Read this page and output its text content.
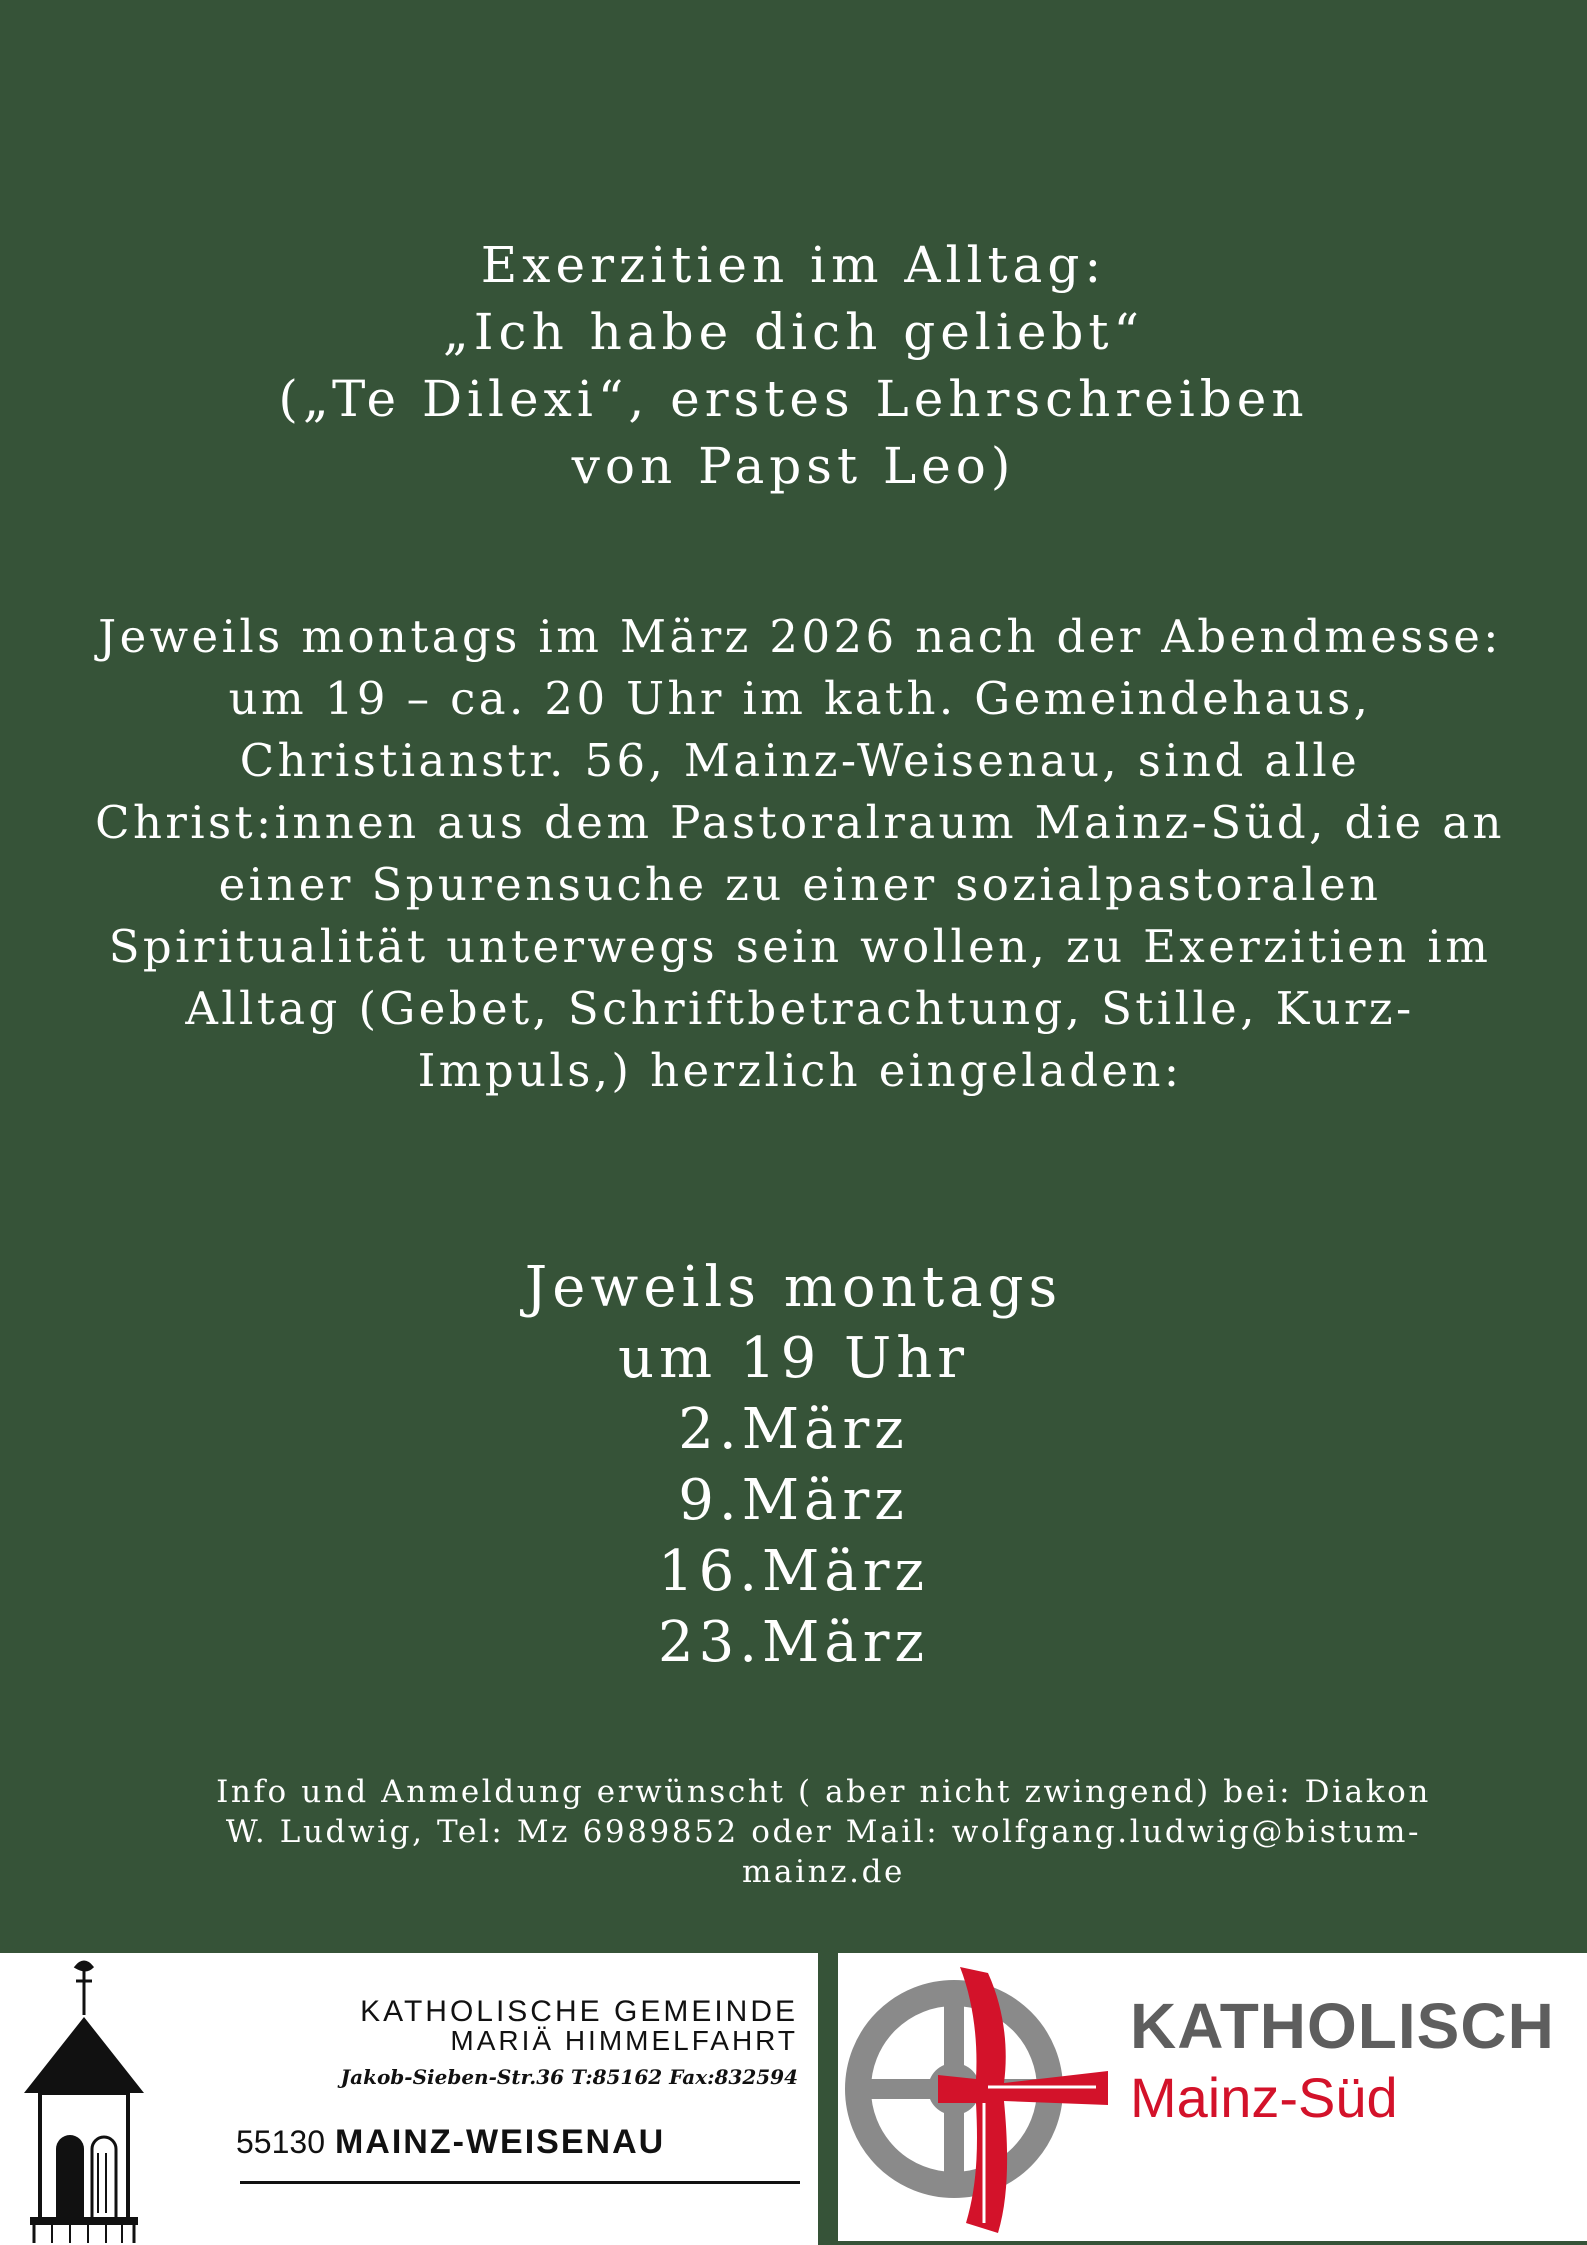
Exerzitien im Alltag:
„Ich habe dich geliebt“
(„Te Dilexi“, erstes Lehrschreiben
von Papst Leo)
Jeweils montags im März 2026 nach der Abendmesse:
um 19 – ca. 20 Uhr im kath. Gemeindehaus,
Christianstr. 56, Mainz-Weisenau, sind alle
Christ:innen aus dem Pastoralraum Mainz-Süd, die an
einer Spurensuche zu einer sozialpastoralen
Spiritualität unterwegs sein wollen, zu Exerzitien im
Alltag (Gebet, Schriftbetrachtung, Stille, Kurz-
Impuls,) herzlich eingeladen:
Jeweils montags
um 19 Uhr
2.März
9.März
16.März
23.März
Info und Anmeldung erwünscht ( aber nicht zwingend) bei: Diakon
W. Ludwig, Tel: Mz 6989852 oder Mail: wolfgang.ludwig@bistum-
mainz.de
KATHOLISCHE GEMEINDE
MARIÄ HIMMELFAHRT
Jakob-Sieben-Str.36 T:85162 Fax:832594
55130 MAINZ-WEISENAU
KATHOLISCH
Mainz-Süd
